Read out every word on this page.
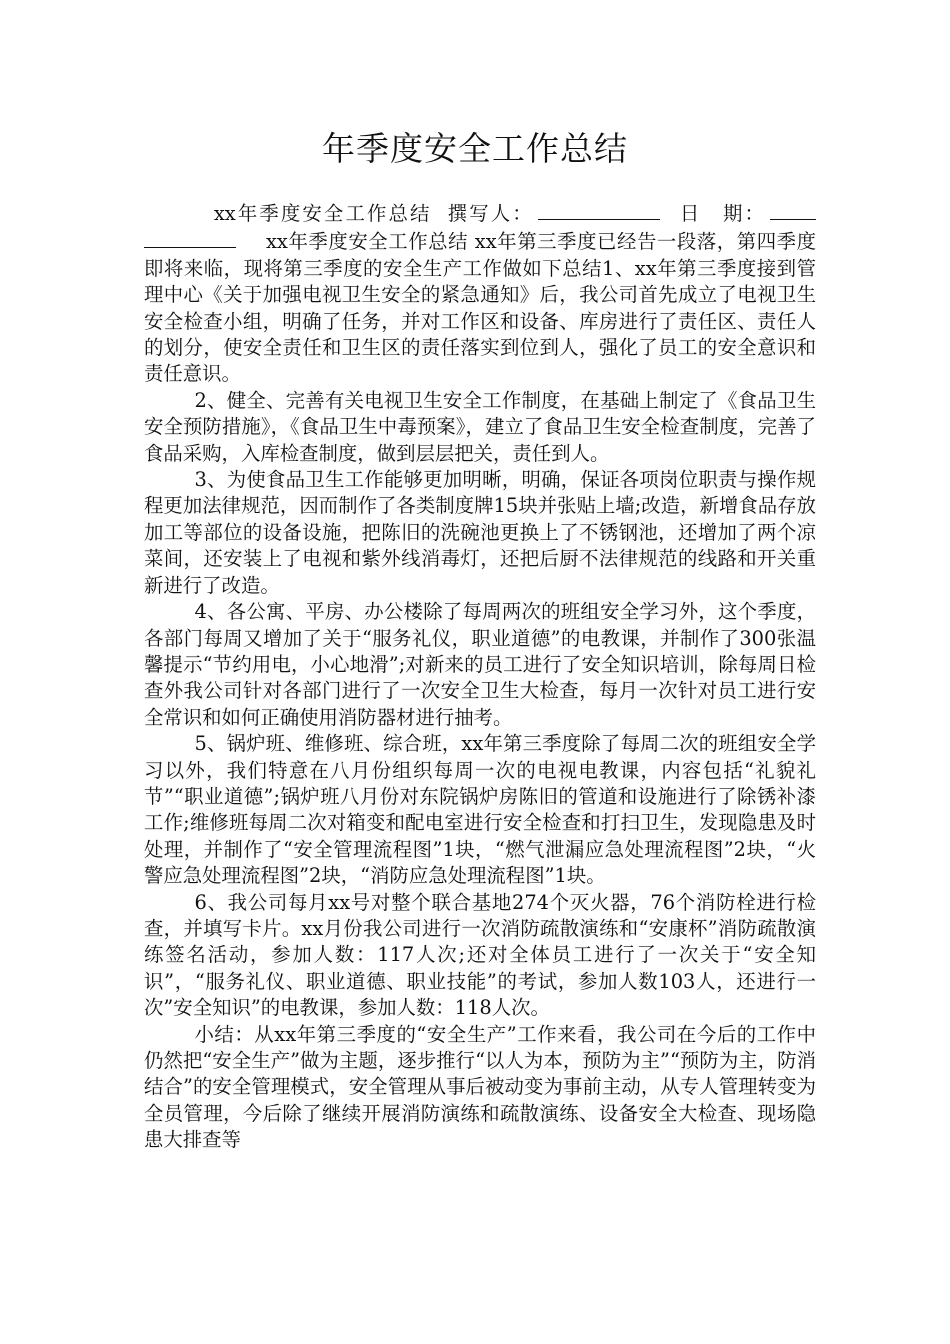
年季度安全工作总结

xx年季度安全工作总结 撰写人：	日　期：xx年季度安全工作总结 xx年第三季度已经告一段落，第四季度即将来临，现将第三季度的安全生产工作做如下总结1、xx年第三季度接到管理中心《关于加强电视卫生安全的紧急通知》后，我公司首先成立了电视卫生安全检查小组，明确了任务，并对工作区和设备、库房进行了责任区、责任人的划分，使安全责任和卫生区的责任落实到位到人，强化了员工的安全意识和责任意识。

2、健全、完善有关电视卫生安全工作制度，在基础上制定了《食品卫生安全预防措施》，《食品卫生中毒预案》，建立了食品卫生安全检查制度，完善了食品采购，入库检查制度，做到层层把关，责任到人。

3、为使食品卫生工作能够更加明晰，明确，保证各项岗位职责与操作规程更加法律规范，因而制作了各类制度牌15块并张贴上墙;改造，新增食品存放加工等部位的设备设施，把陈旧的洗碗池更换上了不锈钢池，还增加了两个凉菜间，还安装上了电视和紫外线消毒灯，还把后厨不法律规范的线路和开关重新进行了改造。

4、各公寓、平房、办公楼除了每周两次的班组安全学习外，这个季度，各部门每周又增加了关于“服务礼仪，职业道德”的电教课，并制作了300张温馨提示“节约用电，小心地滑”;对新来的员工进行了安全知识培训，除每周日检查外我公司针对各部门进行了一次安全卫生大检查，每月一次针对员工进行安全常识和如何正确使用消防器材进行抽考。

5、锅炉班、维修班、综合班，xx年第三季度除了每周二次的班组安全学习以外，我们特意在八月份组织每周一次的电视电教课，内容包括“礼貌礼节”“职业道德”;锅炉班八月份对东院锅炉房陈旧的管道和设施进行了除锈补漆工作;维修班每周二次对箱变和配电室进行安全检查和打扫卫生，发现隐患及时处理，并制作了“安全管理流程图”1块，“燃气泄漏应急处理流程图”2块，“火警应急处理流程图”2块，“消防应急处理流程图”1块。

6、我公司每月xx号对整个联合基地274个灭火器，76个消防栓进行检查，并填写卡片。xx月份我公司进行一次消防疏散演练和“安康杯”消防疏散演练签名活动，参加人数：117人次;还对全体员工进行了一次关于“安全知识”，“服务礼仪、职业道德、职业技能”的考试，参加人数103人，还进行一次”安全知识”的电教课，参加人数：118人次。

小结：从xx年第三季度的“安全生产”工作来看，我公司在今后的工作中仍然把“安全生产”做为主题，逐步推行“以人为本，预防为主”“预防为主，防消结合”的安全管理模式，安全管理从事后被动变为事前主动，从专人管理转变为全员管理，今后除了继续开展消防演练和疏散演练、设备安全大检查、现场隐患大排查等
